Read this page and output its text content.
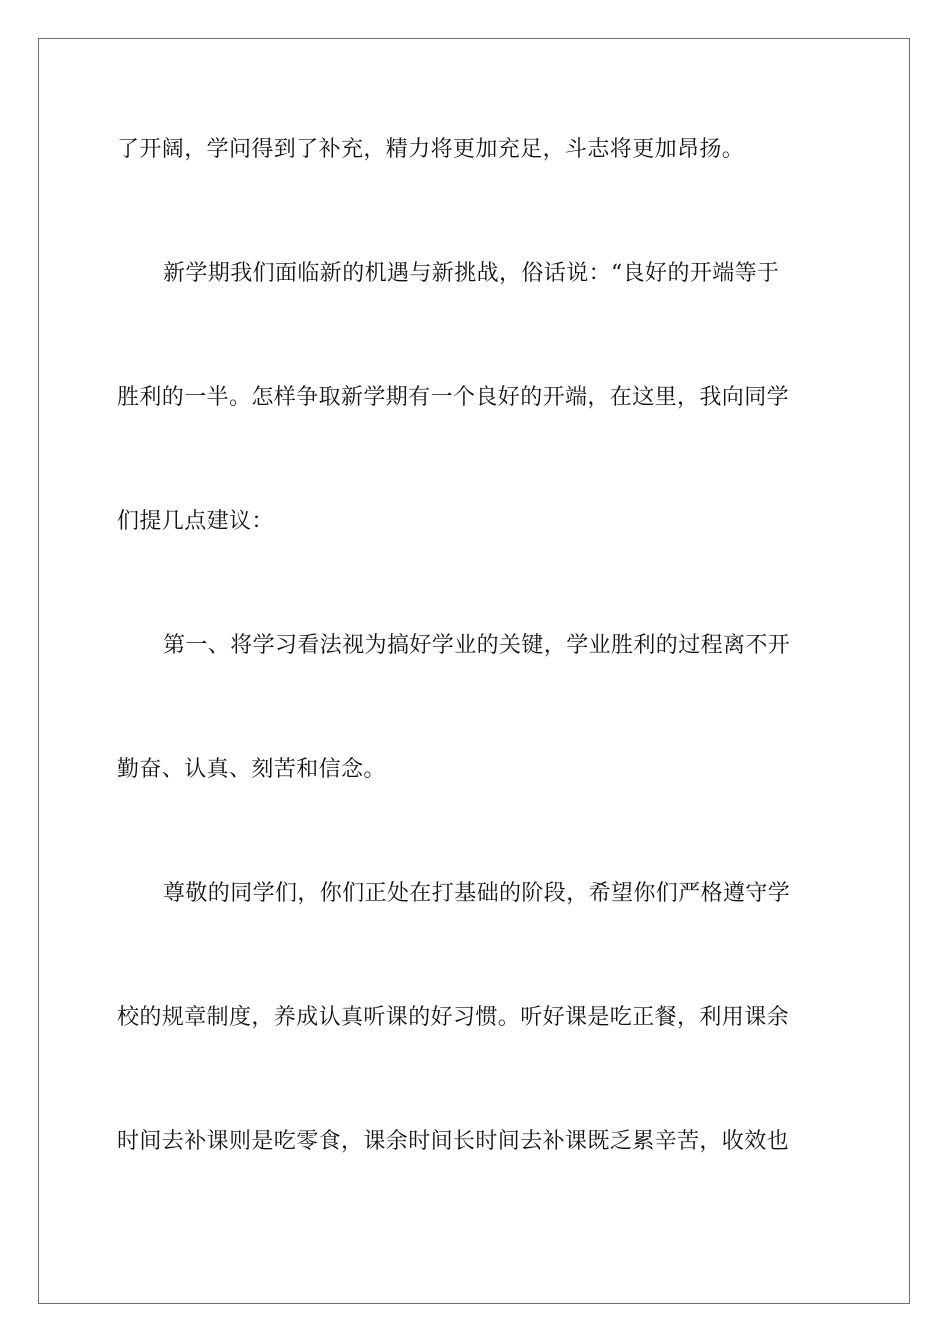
了开阔，学问得到了补充，精力将更加充足，斗志将更加昂扬。
新学期我们面临新的机遇与新挑战，俗话说：“良好的开端等于
胜利的一半。怎样争取新学期有一个良好的开端，在这里，我向同学
们提几点建议：
第一、将学习看法视为搞好学业的关键，学业胜利的过程离不开
勤奋、认真、刻苦和信念。
尊敬的同学们，你们正处在打基础的阶段，希望你们严格遵守学
校的规章制度，养成认真听课的好习惯。听好课是吃正餐，利用课余
时间去补课则是吃零食，课余时间长时间去补课既乏累辛苦，收效也
